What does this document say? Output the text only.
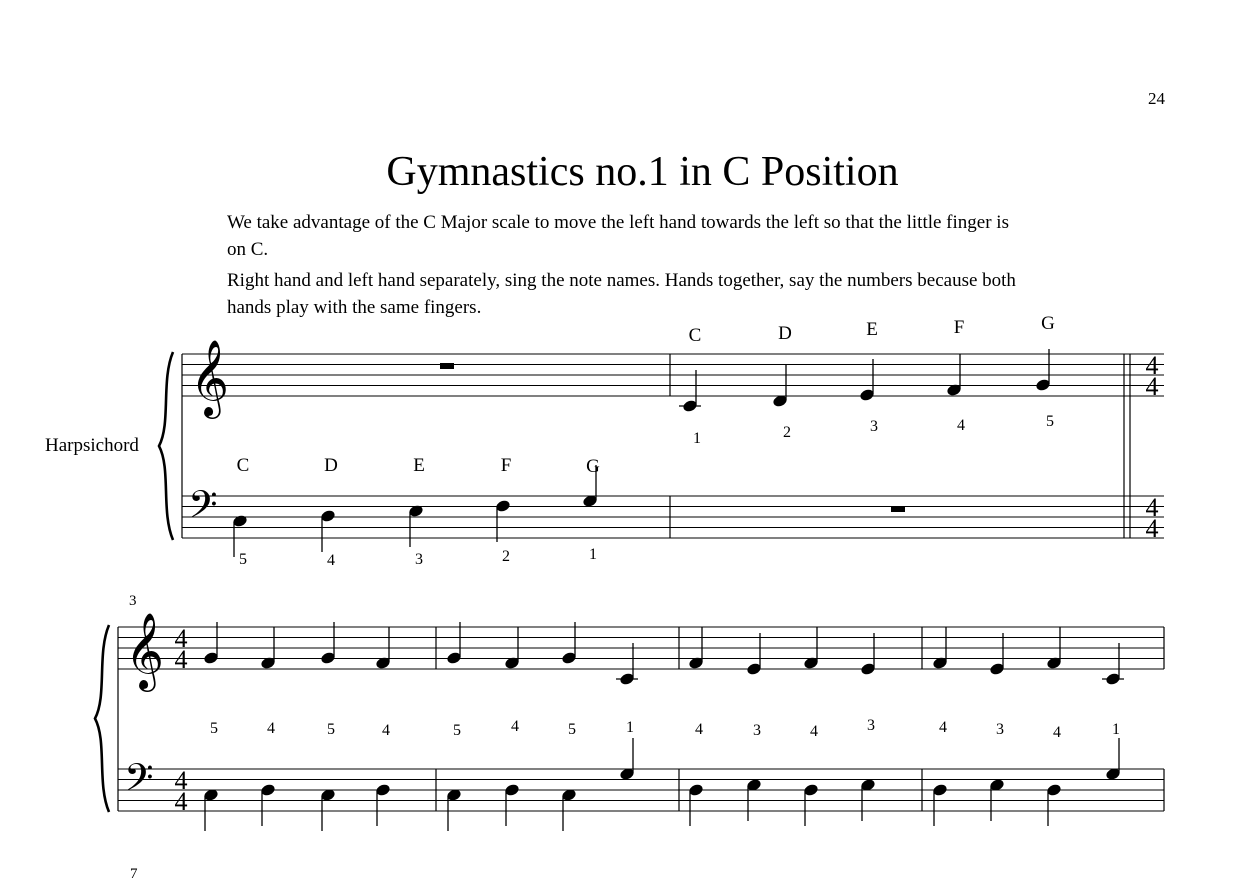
24
Gymnastics no.1 in C Position

We take advantage of the C Major scale to move the left hand towards the left so that the little finger is on C.

Right hand and left hand separately, sing the note names. Hands together, say the numbers because both hands play with the same fingers.

Harpsichord
3
7
𝄞
𝄢
4
4
4
4
C
1
D
2
E
3
F
4
G
5
C
5
D
4
E
3
F
2
G
1
𝄞
𝄢
4
4
4
4
5	4	5	4	5	4	5	1	4	3	4	3	4	3	4	1
